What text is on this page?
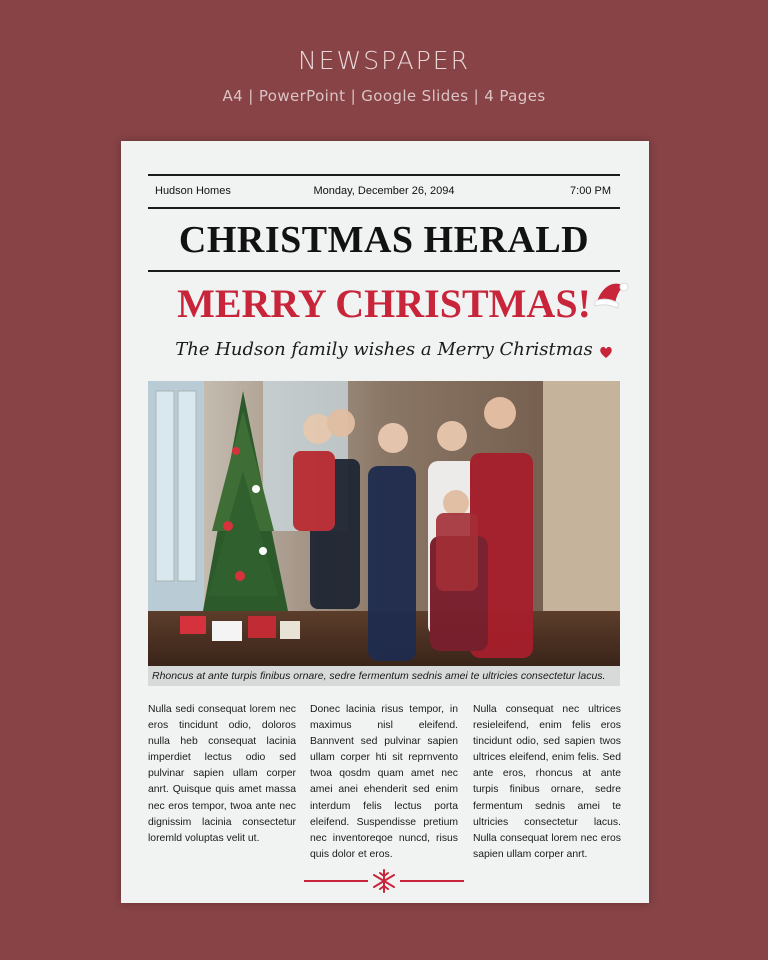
NEWSPAPER
A4 | PowerPoint | Google Slides | 4 Pages
Hudson Homes	Monday, December 26, 2094	7:00 PM
CHRISTMAS HERALD
MERRY CHRISTMAS!
The Hudson family wishes a Merry Christmas
Rhoncus at ante turpis finibus ornare, sedre fermentum sednis amei te ultricies consectetur lacus.
Nulla sedi consequat lorem nec eros tincidunt odio, doloros nulla heb consequat lacinia imperdiet lectus odio sed pulvinar sapien ullam corper anrt. Quisque quis amet massa nec eros tempor, twoa ante nec dignissim lacinia consectetur loremld voluptas velit ut.
Donec lacinia risus tempor, in maximus nisl eleifend. Bannvent sed pulvinar sapien ullam corper hti sit reprnvento twoa qosdm quam amet nec amei anei ehenderit sed enim interdum felis lectus porta eleifend. Suspendisse pretium nec inventoreqoe nuncd, risus quis dolor et eros.
Nulla consequat nec ultrices resieleifend, enim felis eros tincidunt odio, sed sapien twos ultrices eleifend, enim felis. Sed ante eros, rhoncus at ante turpis finibus ornare, sedre fermentum sednis amei te ultricies consectetur lacus. Nulla consequat lorem nec eros sapien ullam corper anrt.
